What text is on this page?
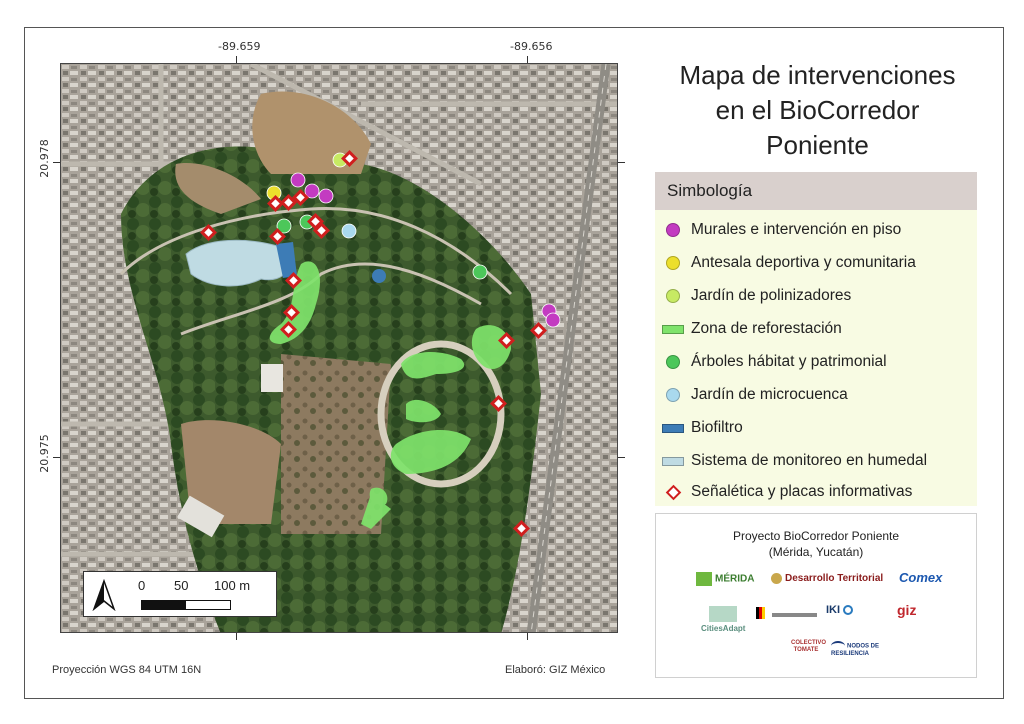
-89.659	-89.656
20.978
20.975
0 50 100 m
Mapa de intervenciones
en el BioCorredor
Poniente
Simbología
Murales e intervención en piso
Antesala deportiva y comunitaria
Jardín de polinizadores
Zona de reforestación
Árboles hábitat y patrimonial
Jardín de microcuenca
Biofiltro
Sistema de monitoreo en humedal
Señalética y placas informativas
Proyecto BioCorredor Poniente
(Mérida, Yucatán)
MÉRIDA	Desarrollo Territorial Comex
CitiesAdapt

IKI	giz
COLECTIVO TOMATE
NODOS DE RESILIENCIA
Proyección WGS 84 UTM 16N	Elaboró: GIZ México
